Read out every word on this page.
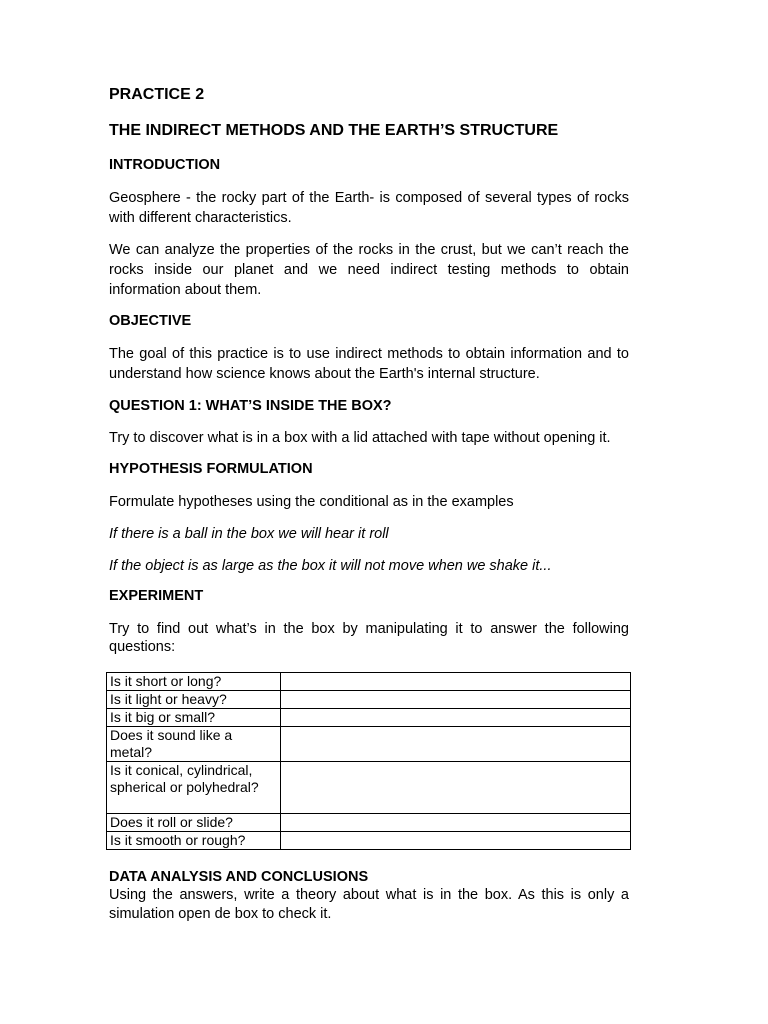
PRACTICE 2
THE INDIRECT METHODS AND THE EARTH’S STRUCTURE
INTRODUCTION
Geosphere - the rocky part of the Earth- is composed of several types of rocks with different characteristics.
We can analyze the properties of the rocks in the crust, but we can’t reach the rocks inside our planet and we need indirect testing methods to obtain information about them.
OBJECTIVE
The goal of this practice is to use indirect methods to obtain information and to understand how science knows about the Earth's internal structure.
QUESTION 1: WHAT’S INSIDE THE BOX?
Try to discover what is in a box with a lid attached with tape without opening it.
HYPOTHESIS FORMULATION
Formulate hypotheses using the conditional as in the examples
If there is a ball in the box we will hear it roll
If the object is as large as the box it will not move when we shake it...
EXPERIMENT
Try to find out what’s in the box by manipulating it to answer the following questions:
Is it short or long?	
Is it light or heavy?	
Is it big or small?	
Does it sound like a metal?	
Is it conical, cylindrical, spherical or polyhedral?	
Does it roll or slide?	
Is it smooth or rough?	
DATA ANALYSIS AND CONCLUSIONS
Using the answers, write a theory about what is in the box. As this is only a simulation open de box to check it.
